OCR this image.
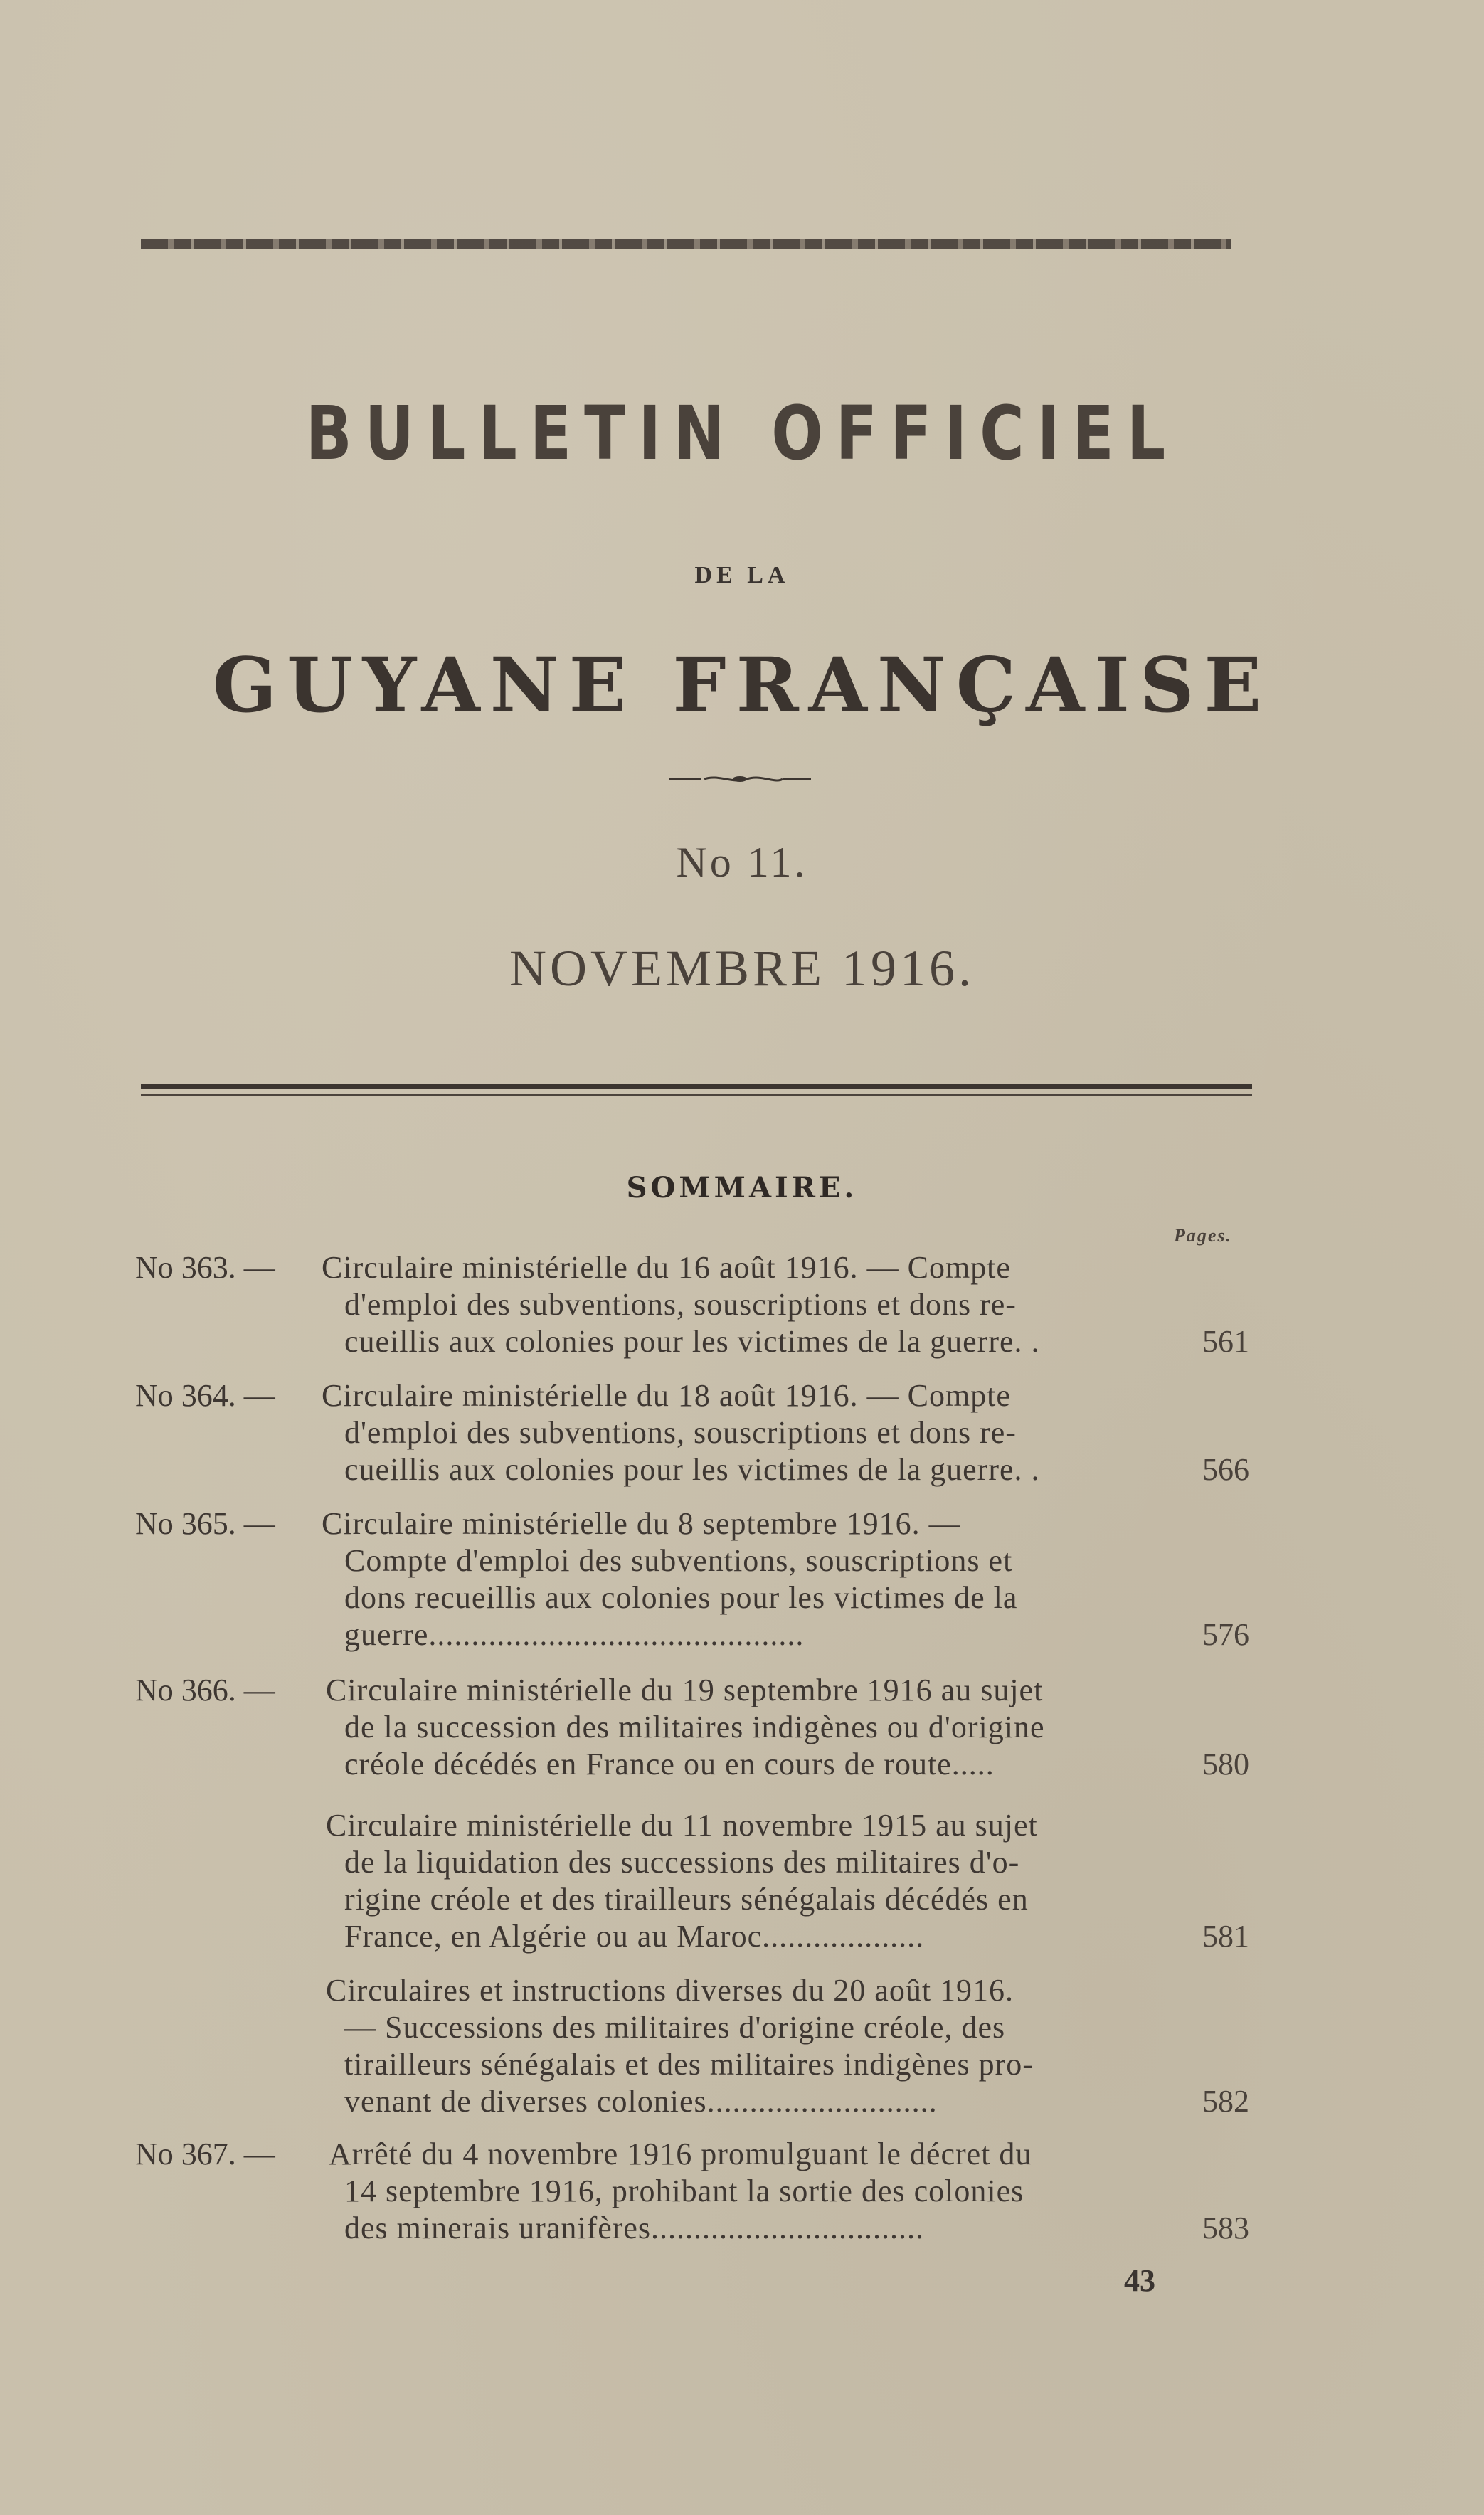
BULLETIN OFFICIEL
DE LA
GUYANE FRANÇAISE
No 11.
NOVEMBRE 1916.
SOMMAIRE.
Pages.
No 363. — Circulaire ministérielle du 16 août 1916. — Compte
d'emploi des subventions, souscriptions et dons re-
cueillis aux colonies pour les victimes de la guerre. .	561
No 364. — Circulaire ministérielle du 18 août 1916. — Compte
d'emploi des subventions, souscriptions et dons re-
cueillis aux colonies pour les victimes de la guerre. .	566
No 365. — Circulaire ministérielle du 8 septembre 1916. —
Compte d'emploi des subventions, souscriptions et
dons recueillis aux colonies pour les victimes de la
guerre............................................	576
No 366. — Circulaire ministérielle du 19 septembre 1916 au sujet
de la succession des militaires indigènes ou d'origine
créole décédés en France ou en cours de route.....	580
Circulaire ministérielle du 11 novembre 1915 au sujet
de la liquidation des successions des militaires d'o-
rigine créole et des tirailleurs sénégalais décédés en
France, en Algérie ou au Maroc...................	581
Circulaires et instructions diverses du 20 août 1916.
— Successions des militaires d'origine créole, des
tirailleurs sénégalais et des militaires indigènes pro-
venant de diverses colonies...........................	582
No 367. — Arrêté du 4 novembre 1916 promulguant le décret du
14 septembre 1916, prohibant la sortie des colonies
des minerais uranifères................................	583
43
